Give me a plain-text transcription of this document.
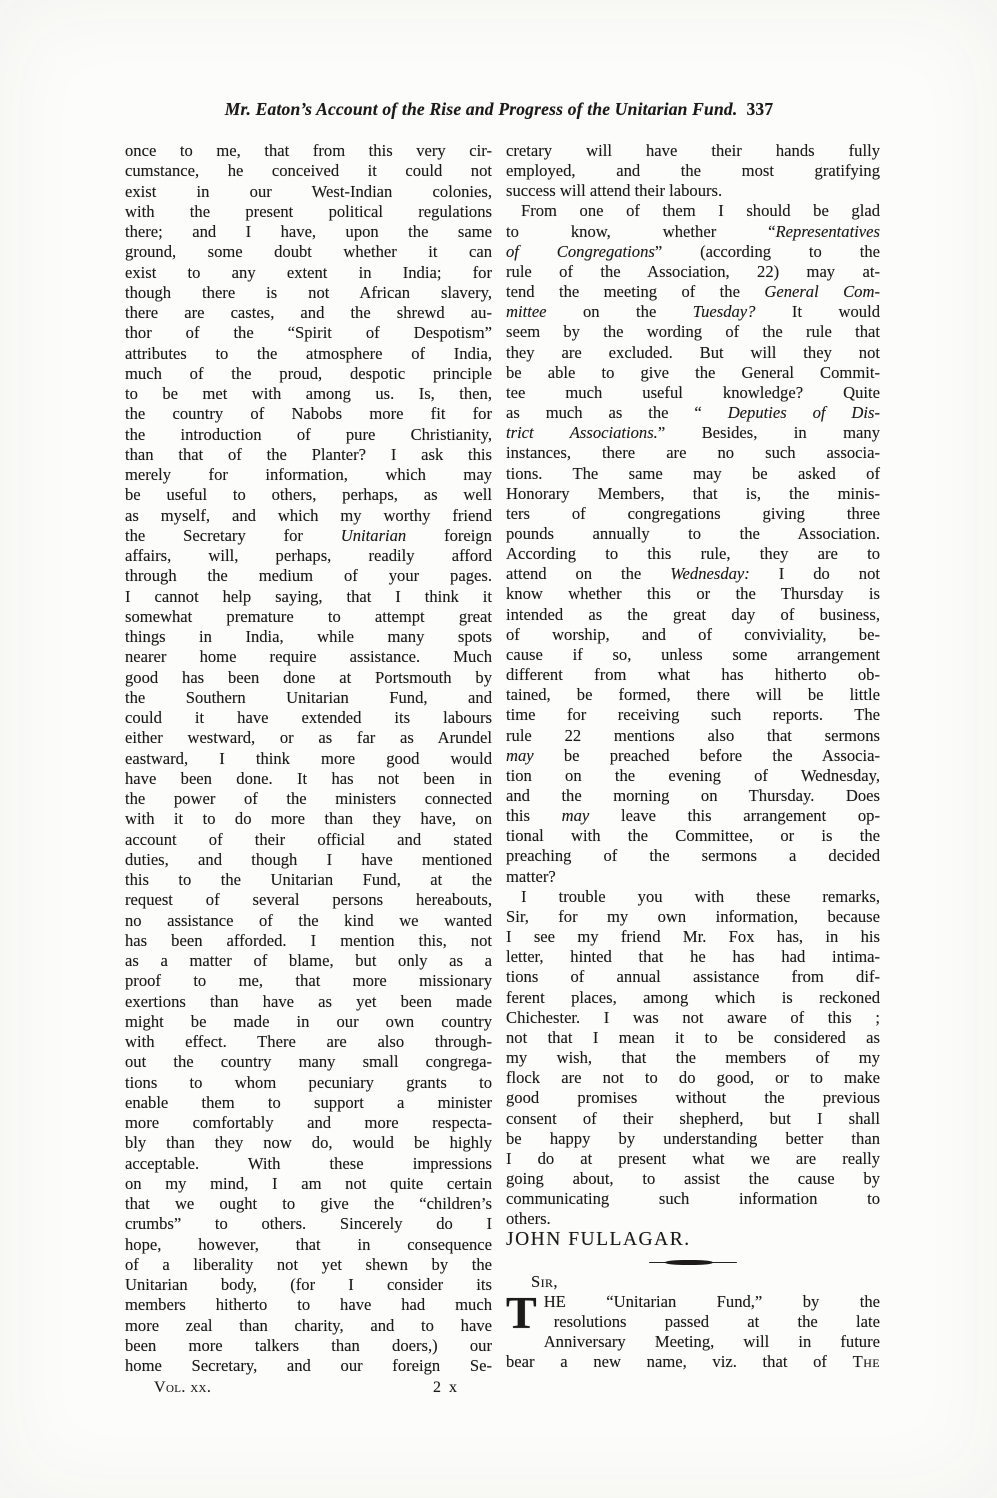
Mr. Eaton’s Account of the Rise and Progress of the Unitarian Fund. 337
once to me, that from this very cir-
cumstance, he conceived it could not
exist in our West-Indian colonies,
with the present political regulations
there; and I have, upon the same
ground, some doubt whether it can
exist to any extent in India; for
though there is not African slavery,
there are castes, and the shrewd au-
thor of the “Spirit of Despotism”
attributes to the atmosphere of India,
much of the proud, despotic principle
to be met with among us. Is, then,
the country of Nabobs more fit for
the introduction of pure Christianity,
than that of the Planter? I ask this
merely for information, which may
be useful to others, perhaps, as well
as myself, and which my worthy friend
the Secretary for Unitarian foreign
affairs, will, perhaps, readily afford
through the medium of your pages.
I cannot help saying, that I think it
somewhat premature to attempt great
things in India, while many spots
nearer home require assistance. Much
good has been done at Portsmouth by
the Southern Unitarian Fund, and
could it have extended its labours
either westward, or as far as Arundel
eastward, I think more good would
have been done. It has not been in
the power of the ministers connected
with it to do more than they have, on
account of their official and stated
duties, and though I have mentioned
this to the Unitarian Fund, at the
request of several persons hereabouts,
no assistance of the kind we wanted
has been afforded. I mention this, not
as a matter of blame, but only as a
proof to me, that more missionary
exertions than have as yet been made
might be made in our own country
with effect. There are also through-
out the country many small congrega-
tions to whom pecuniary grants to
enable them to support a minister
more comfortably and more respecta-
bly than they now do, would be highly
acceptable. With these impressions
on my mind, I am not quite certain
that we ought to give the “children’s
crumbs” to others. Sincerely do I
hope, however, that in consequence
of a liberality not yet shewn by the
Unitarian body, (for I consider its
members hitherto to have had much
more zeal than charity, and to have
been more talkers than doers,) our
home Secretary, and our foreign Se-
Vol. xx.	2 x
cretary will have their hands fully
employed, and the most gratifying
success will attend their labours.
From one of them I should be glad
to know, whether “Representatives
of Congregations” (according to the
rule of the Association, 22) may at-
tend the meeting of the General Com-
mittee on the Tuesday? It would
seem by the wording of the rule that
they are excluded. But will they not
be able to give the General Commit-
tee much useful knowledge? Quite
as much as the “ Deputies of Dis-
trict Associations.” Besides, in many
instances, there are no such associa-
tions. The same may be asked of
Honorary Members, that is, the minis-
ters of congregations giving three
pounds annually to the Association.
According to this rule, they are to
attend on the Wednesday: I do not
know whether this or the Thursday is
intended as the great day of business,
of worship, and of conviviality, be-
cause if so, unless some arrangement
different from what has hitherto ob-
tained, be formed, there will be little
time for receiving such reports. The
rule 22 mentions also that sermons
may be preached before the Associa-
tion on the evening of Wednesday,
and the morning on Thursday. Does
this may leave this arrangement op-
tional with the Committee, or is the
preaching of the sermons a decided
matter?
I trouble you with these remarks,
Sir, for my own information, because
I see my friend Mr. Fox has, in his
letter, hinted that he has had intima-
tions of annual assistance from dif-
ferent places, among which is reckoned
Chichester. I was not aware of this ;
not that I mean it to be considered as
my wish, that the members of my
flock are not to do good, or to make
good promises without the previous
consent of their shepherd, but I shall
be happy by understanding better than
I do at present what we are really
going about, to assist the cause by
communicating such information to
others.
JOHN FULLAGAR.
Sir,
T HE “Unitarian Fund,” by the
resolutions passed at the late
Anniversary Meeting, will in future
bear a new name, viz. that of The
